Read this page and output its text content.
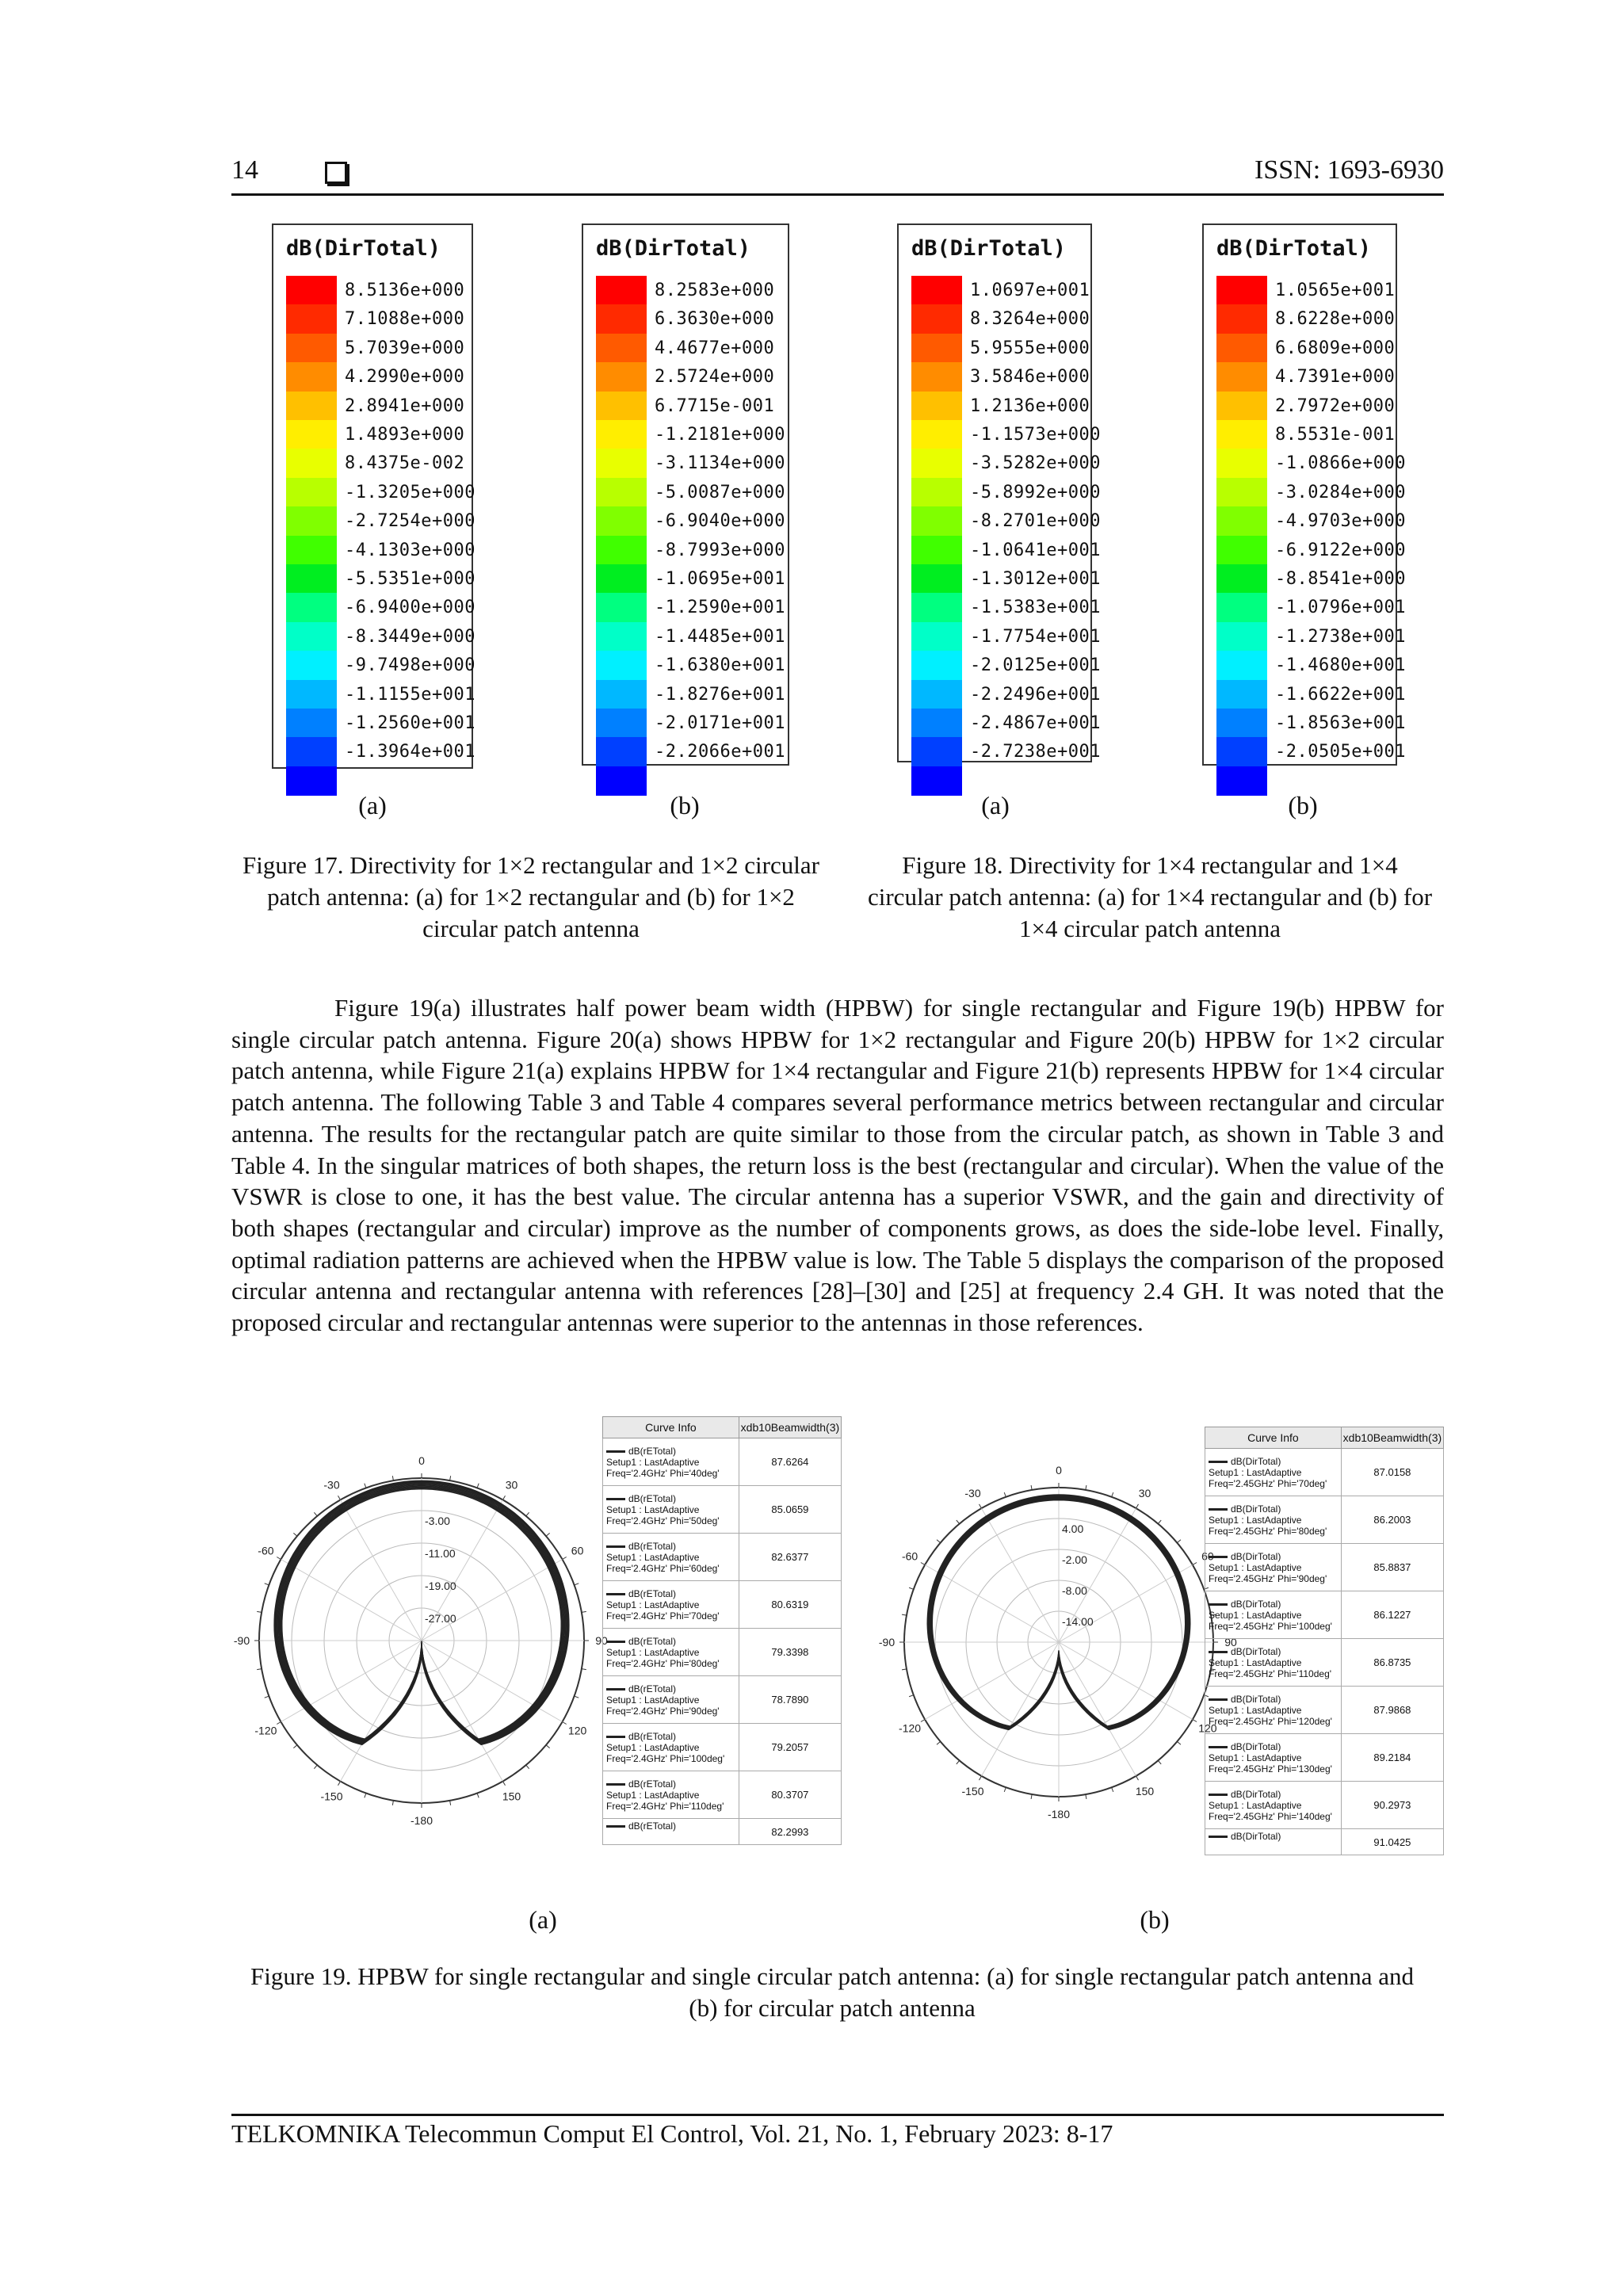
14	ISSN: 1693-6930
dB(DirTotal)
8.5136e+000
7.1088e+000
5.7039e+000
4.2990e+000
2.8941e+000
1.4893e+000
8.4375e-002
-1.3205e+000
-2.7254e+000
-4.1303e+000
-5.5351e+000
-6.9400e+000
-8.3449e+000
-9.7498e+000
-1.1155e+001
-1.2560e+001
-1.3964e+001
dB(DirTotal)
8.2583e+000
6.3630e+000
4.4677e+000
2.5724e+000
6.7715e-001
-1.2181e+000
-3.1134e+000
-5.0087e+000
-6.9040e+000
-8.7993e+000
-1.0695e+001
-1.2590e+001
-1.4485e+001
-1.6380e+001
-1.8276e+001
-2.0171e+001
-2.2066e+001
dB(DirTotal)
1.0697e+001
8.3264e+000
5.9555e+000
3.5846e+000
1.2136e+000
-1.1573e+000
-3.5282e+000
-5.8992e+000
-8.2701e+000
-1.0641e+001
-1.3012e+001
-1.5383e+001
-1.7754e+001
-2.0125e+001
-2.2496e+001
-2.4867e+001
-2.7238e+001
dB(DirTotal)
1.0565e+001
8.6228e+000
6.6809e+000
4.7391e+000
2.7972e+000
8.5531e-001
-1.0866e+000
-3.0284e+000
-4.9703e+000
-6.9122e+000
-8.8541e+000
-1.0796e+001
-1.2738e+001
-1.4680e+001
-1.6622e+001
-1.8563e+001
-2.0505e+001
(a)	(b)	(a)	(b)
Figure 17. Directivity for 1×2 rectangular and 1×2 circular patch antenna: (a) for 1×2 rectangular and (b) for 1×2 circular patch antenna
Figure 18. Directivity for 1×4 rectangular and 1×4 circular patch antenna: (a) for 1×4 rectangular and (b) for 1×4 circular patch antenna
Figure 19(a) illustrates half power beam width (HPBW) for single rectangular and Figure 19(b) HPBW for single circular patch antenna. Figure 20(a) shows HPBW for 1×2 rectangular and Figure 20(b) HPBW for 1×2 circular patch antenna, while Figure 21(a) explains HPBW for 1×4 rectangular and Figure 21(b) represents HPBW for 1×4 circular patch antenna. The following Table 3 and Table 4 compares several performance metrics between rectangular and circular antenna. The results for the rectangular patch are quite similar to those from the circular patch, as shown in Table 3 and Table 4. In the singular matrices of both shapes, the return loss is the best (rectangular and circular). When the value of the VSWR is close to one, it has the best value. The circular antenna has a superior VSWR, and the gain and directivity of both shapes (rectangular and circular) improve as the number of components grows, as does the side-lobe level. Finally, optimal radiation patterns are achieved when the HPBW value is low. The Table 5 displays the comparison of the proposed circular antenna and rectangular antenna with references [28]–[30] and [25] at frequency 2.4 GH. It was noted that the proposed circular and rectangular antennas were superior to the antennas in those references.
0
30
60
90
120
150
-180
-150
-120
-90
-60
-30
-3.00
-11.00
-19.00
-27.00
Curve Info	xdb10Beamwidth(3)
dB(rETotal)
Setup1 : LastAdaptive
Freq='2.4GHz' Phi='40deg'	87.6264
dB(rETotal)
Setup1 : LastAdaptive
Freq='2.4GHz' Phi='50deg'	85.0659
dB(rETotal)
Setup1 : LastAdaptive
Freq='2.4GHz' Phi='60deg'	82.6377
dB(rETotal)
Setup1 : LastAdaptive
Freq='2.4GHz' Phi='70deg'	80.6319
dB(rETotal)
Setup1 : LastAdaptive
Freq='2.4GHz' Phi='80deg'	79.3398
dB(rETotal)
Setup1 : LastAdaptive
Freq='2.4GHz' Phi='90deg'	78.7890
dB(rETotal)
Setup1 : LastAdaptive
Freq='2.4GHz' Phi='100deg'	79.2057
dB(rETotal)
Setup1 : LastAdaptive
Freq='2.4GHz' Phi='110deg'	80.3707
dB(rETotal)	82.2993
0
30
60
90
120
150
-180
-150
-120
-90
-60
-30
4.00
-2.00
-8.00
-14.00
Curve Info	xdb10Beamwidth(3)
dB(DirTotal)
Setup1 : LastAdaptive
Freq='2.45GHz' Phi='70deg'	87.0158
dB(DirTotal)
Setup1 : LastAdaptive
Freq='2.45GHz' Phi='80deg'	86.2003
dB(DirTotal)
Setup1 : LastAdaptive
Freq='2.45GHz' Phi='90deg'	85.8837
dB(DirTotal)
Setup1 : LastAdaptive
Freq='2.45GHz' Phi='100deg'	86.1227
dB(DirTotal)
Setup1 : LastAdaptive
Freq='2.45GHz' Phi='110deg'	86.8735
dB(DirTotal)
Setup1 : LastAdaptive
Freq='2.45GHz' Phi='120deg'	87.9868
dB(DirTotal)
Setup1 : LastAdaptive
Freq='2.45GHz' Phi='130deg'	89.2184
dB(DirTotal)
Setup1 : LastAdaptive
Freq='2.45GHz' Phi='140deg'	90.2973
dB(DirTotal)	91.0425
(a)	(b)
Figure 19. HPBW for single rectangular and single circular patch antenna: (a) for single rectangular patch antenna and (b) for circular patch antenna
TELKOMNIKA Telecommun Comput El Control, Vol. 21, No. 1, February 2023: 8-17
